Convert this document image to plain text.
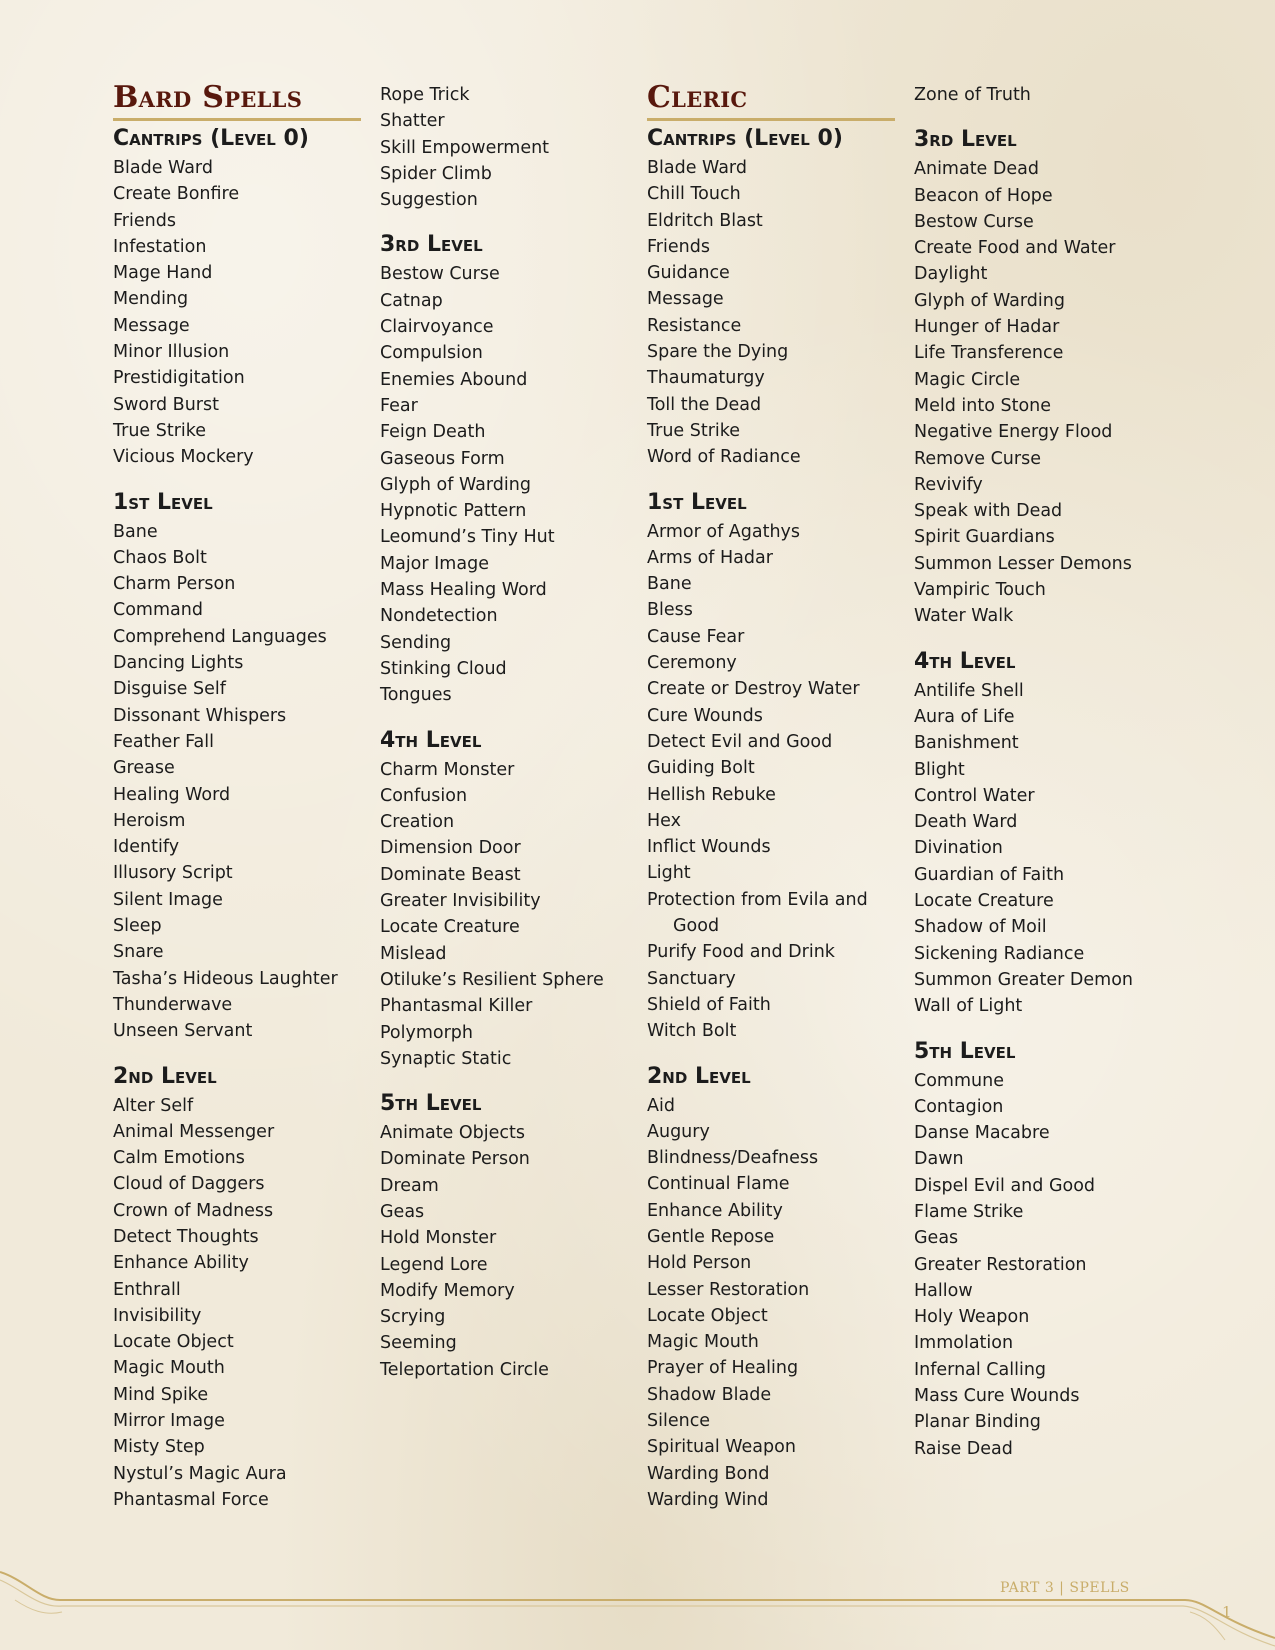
Bard Spells
Cantrips (Level 0)
Blade Ward
Create Bonfire
Friends
Infestation
Mage Hand
Mending
Message
Minor Illusion
Prestidigitation
Sword Burst
True Strike
Vicious Mockery
1st Level
Bane
Chaos Bolt
Charm Person
Command
Comprehend Languages
Dancing Lights
Disguise Self
Dissonant Whispers
Feather Fall
Grease
Healing Word
Heroism
Identify
Illusory Script
Silent Image
Sleep
Snare
Tasha’s Hideous Laughter
Thunderwave
Unseen Servant
2nd Level
Alter Self
Animal Messenger
Calm Emotions
Cloud of Daggers
Crown of Madness
Detect Thoughts
Enhance Ability
Enthrall
Invisibility
Locate Object
Magic Mouth
Mind Spike
Mirror Image
Misty Step
Nystul’s Magic Aura
Phantasmal Force
Rope Trick
Shatter
Skill Empowerment
Spider Climb
Suggestion
3rd Level
Bestow Curse
Catnap
Clairvoyance
Compulsion
Enemies Abound
Fear
Feign Death
Gaseous Form
Glyph of Warding
Hypnotic Pattern
Leomund’s Tiny Hut
Major Image
Mass Healing Word
Nondetection
Sending
Stinking Cloud
Tongues
4th Level
Charm Monster
Confusion
Creation
Dimension Door
Dominate Beast
Greater Invisibility
Locate Creature
Mislead
Otiluke’s Resilient Sphere
Phantasmal Killer
Polymorph
Synaptic Static
5th Level
Animate Objects
Dominate Person
Dream
Geas
Hold Monster
Legend Lore
Modify Memory
Scrying
Seeming
Teleportation Circle
Cleric
Cantrips (Level 0)
Blade Ward
Chill Touch
Eldritch Blast
Friends
Guidance
Message
Resistance
Spare the Dying
Thaumaturgy
Toll the Dead
True Strike
Word of Radiance
1st Level
Armor of Agathys
Arms of Hadar
Bane
Bless
Cause Fear
Ceremony
Create or Destroy Water
Cure Wounds
Detect Evil and Good
Guiding Bolt
Hellish Rebuke
Hex
Inflict Wounds
Light
Protection from Evila and Good
Purify Food and Drink
Sanctuary
Shield of Faith
Witch Bolt
2nd Level
Aid
Augury
Blindness/Deafness
Continual Flame
Enhance Ability
Gentle Repose
Hold Person
Lesser Restoration
Locate Object
Magic Mouth
Prayer of Healing
Shadow Blade
Silence
Spiritual Weapon
Warding Bond
Warding Wind
Zone of Truth
3rd Level
Animate Dead
Beacon of Hope
Bestow Curse
Create Food and Water
Daylight
Glyph of Warding
Hunger of Hadar
Life Transference
Magic Circle
Meld into Stone
Negative Energy Flood
Remove Curse
Revivify
Speak with Dead
Spirit Guardians
Summon Lesser Demons
Vampiric Touch
Water Walk
4th Level
Antilife Shell
Aura of Life
Banishment
Blight
Control Water
Death Ward
Divination
Guardian of Faith
Locate Creature
Shadow of Moil
Sickening Radiance
Summon Greater Demon
Wall of Light
5th Level
Commune
Contagion
Danse Macabre
Dawn
Dispel Evil and Good
Flame Strike
Geas
Greater Restoration
Hallow
Holy Weapon
Immolation
Infernal Calling
Mass Cure Wounds
Planar Binding
Raise Dead
PART 3 | SPELLS
1
